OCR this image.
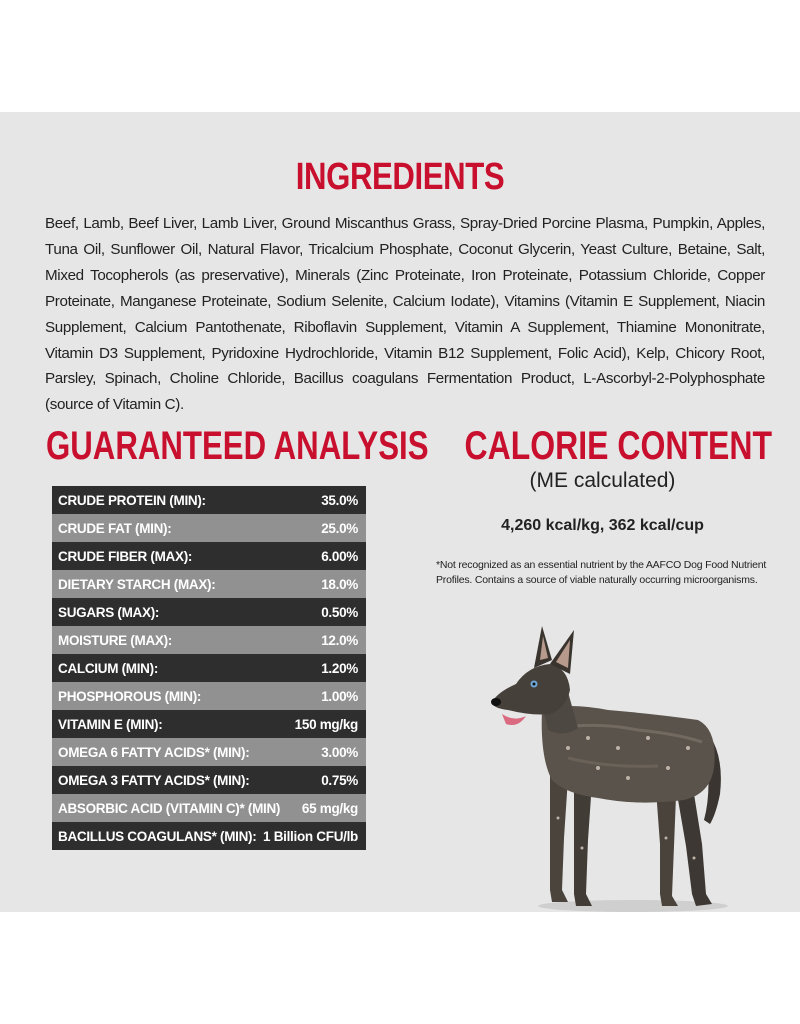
INGREDIENTS
Beef, Lamb, Beef Liver, Lamb Liver, Ground Miscanthus Grass, Spray-Dried Porcine Plasma, Pumpkin, Apples, Tuna Oil, Sunflower Oil, Natural Flavor, Tricalcium Phosphate, Coconut Glycerin, Yeast Culture, Betaine, Salt, Mixed Tocopherols (as preservative), Minerals (Zinc Proteinate, Iron Proteinate, Potassium Chloride, Copper Proteinate, Manganese Proteinate, Sodium Selenite, Calcium Iodate), Vitamins (Vitamin E Supplement, Niacin Supplement, Calcium Pantothenate, Riboflavin Supplement, Vitamin A Supplement, Thiamine Mononitrate, Vitamin D3 Supplement, Pyridoxine Hydrochloride, Vitamin B12 Supplement, Folic Acid), Kelp, Chicory Root, Parsley, Spinach, Choline Chloride, Bacillus coagulans Fermentation Product, L-Ascorbyl-2-Polyphosphate (source of Vitamin C).
GUARANTEED ANALYSIS
CRUDE PROTEIN (MIN):	35.0%
CRUDE FAT (MIN):	25.0%
CRUDE FIBER (MAX):	6.00%
DIETARY STARCH (MAX):	18.0%
SUGARS (MAX):	0.50%
MOISTURE (MAX):	12.0%
CALCIUM (MIN):	1.20%
PHOSPHOROUS (MIN):	1.00%
VITAMIN E (MIN):	150 mg/kg
OMEGA 6 FATTY ACIDS* (MIN):	3.00%
OMEGA 3 FATTY ACIDS* (MIN):	0.75%
ABSORBIC ACID (VITAMIN C)* (MIN) 65 mg/kg
BACILLUS COAGULANS* (MIN): 1 Billion CFU/lb
CALORIE CONTENT
(ME calculated)
4,260 kcal/kg, 362 kcal/cup
*Not recognized as an essential nutrient by the AAFCO Dog Food Nutrient Profiles. Contains a source of viable naturally occurring microorganisms.
